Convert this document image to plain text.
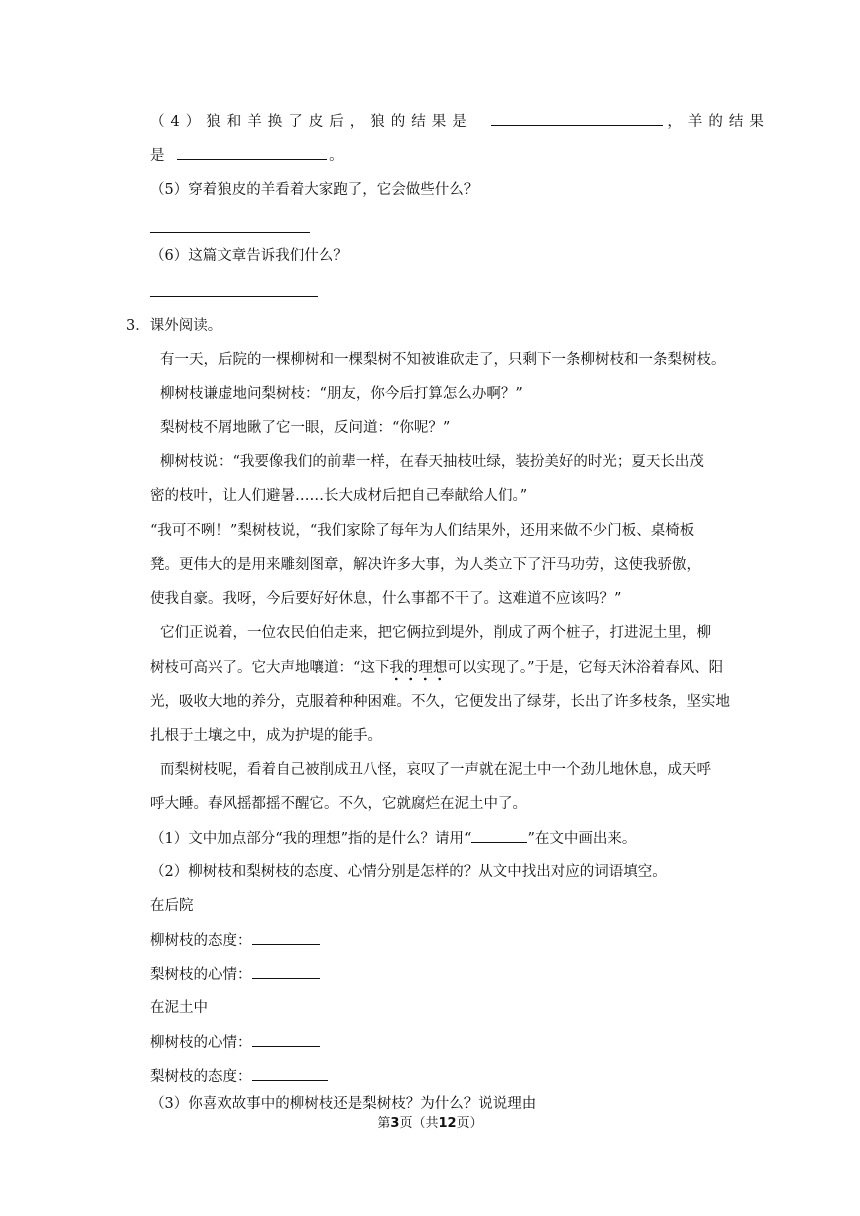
（4）狼和羊换了皮后，狼的结果是	，羊的结果
是	。
（5）穿着狼皮的羊看着大家跑了，它会做些什么？
（6）这篇文章告诉我们什么？
3．课外阅读。
有一天，后院的一棵柳树和一棵梨树不知被谁砍走了，只剩下一条柳树枝和一条梨树枝。
柳树枝谦虚地问梨树枝：“朋友，你今后打算怎么办啊？”
梨树枝不屑地瞅了它一眼，反问道：“你呢？”
柳树枝说：“我要像我们的前辈一样，在春天抽枝吐绿，装扮美好的时光；夏天长出茂
密的枝叶，让人们避暑……长大成材后把自己奉献给人们。”
“我可不咧！”梨树枝说，“我们家除了每年为人们结果外，还用来做不少门板、桌椅板
凳。更伟大的是用来雕刻图章，解决许多大事，为人类立下了汗马功劳，这使我骄傲，
使我自豪。我呀，今后要好好休息，什么事都不干了。这难道不应该吗？”
它们正说着，一位农民伯伯走来，把它俩拉到堤外，削成了两个桩子，打进泥土里，柳
树枝可高兴了。它大声地嚷道：“这下我的理想可以实现了。”于是，它每天沐浴着春风、阳
光，吸收大地的养分，克服着种种困难。不久，它便发出了绿芽，长出了许多枝条，坚实地
扎根于土壤之中，成为护堤的能手。
而梨树枝呢，看着自己被削成丑八怪，哀叹了一声就在泥土中一个劲儿地休息，成天呼
呼大睡。春风摇都摇不醒它。不久，它就腐烂在泥土中了。
（1）文中加点部分“我的理想”指的是什么？请用“	”在文中画出来。
（2）柳树枝和梨树枝的态度、心情分别是怎样的？从文中找出对应的词语填空。
在后院
柳树枝的态度：
梨树枝的心情：
在泥土中
柳树枝的心情：
梨树枝的态度：
（3）你喜欢故事中的柳树枝还是梨树枝？为什么？说说理由
第3页（共12页）
